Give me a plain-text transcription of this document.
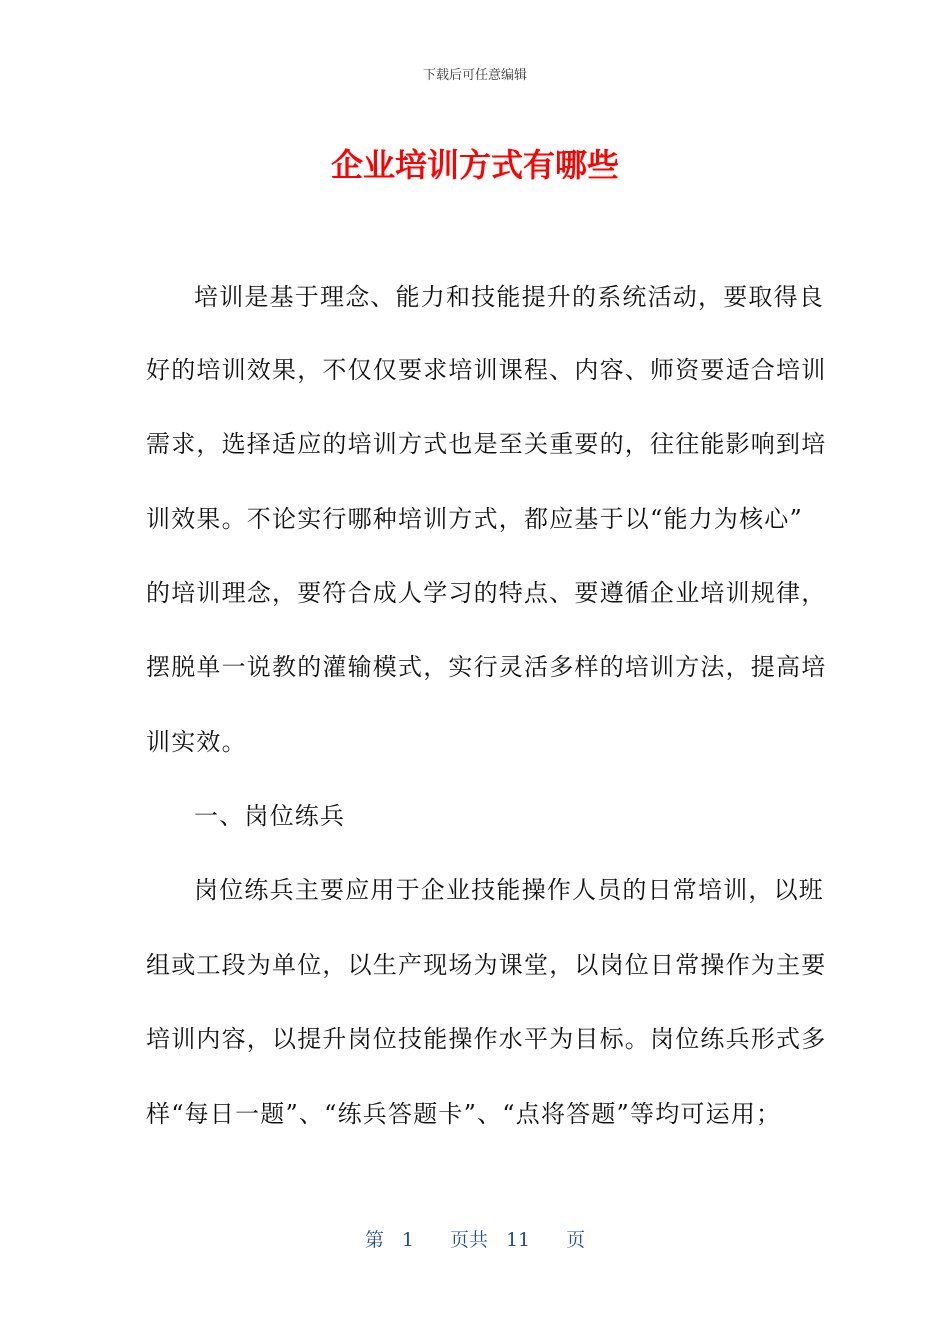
下载后可任意编辑
企业培训方式有哪些
培训是基于理念、能力和技能提升的系统活动，要取得良
好的培训效果，不仅仅要求培训课程、内容、师资要适合培训
需求，选择适应的培训方式也是至关重要的，往往能影响到培
训效果。不论实行哪种培训方式，都应基于以“能力为核心”
的培训理念，要符合成人学习的特点、要遵循企业培训规律，
摆脱单一说教的灌输模式，实行灵活多样的培训方法，提高培
训实效。
一、岗位练兵
岗位练兵主要应用于企业技能操作人员的日常培训，以班
组或工段为单位，以生产现场为课堂，以岗位日常操作为主要
培训内容，以提升岗位技能操作水平为目标。岗位练兵形式多
样“每日一题”、“练兵答题卡”、“点将答题”等均可运用；
第 1 页共 11 页
